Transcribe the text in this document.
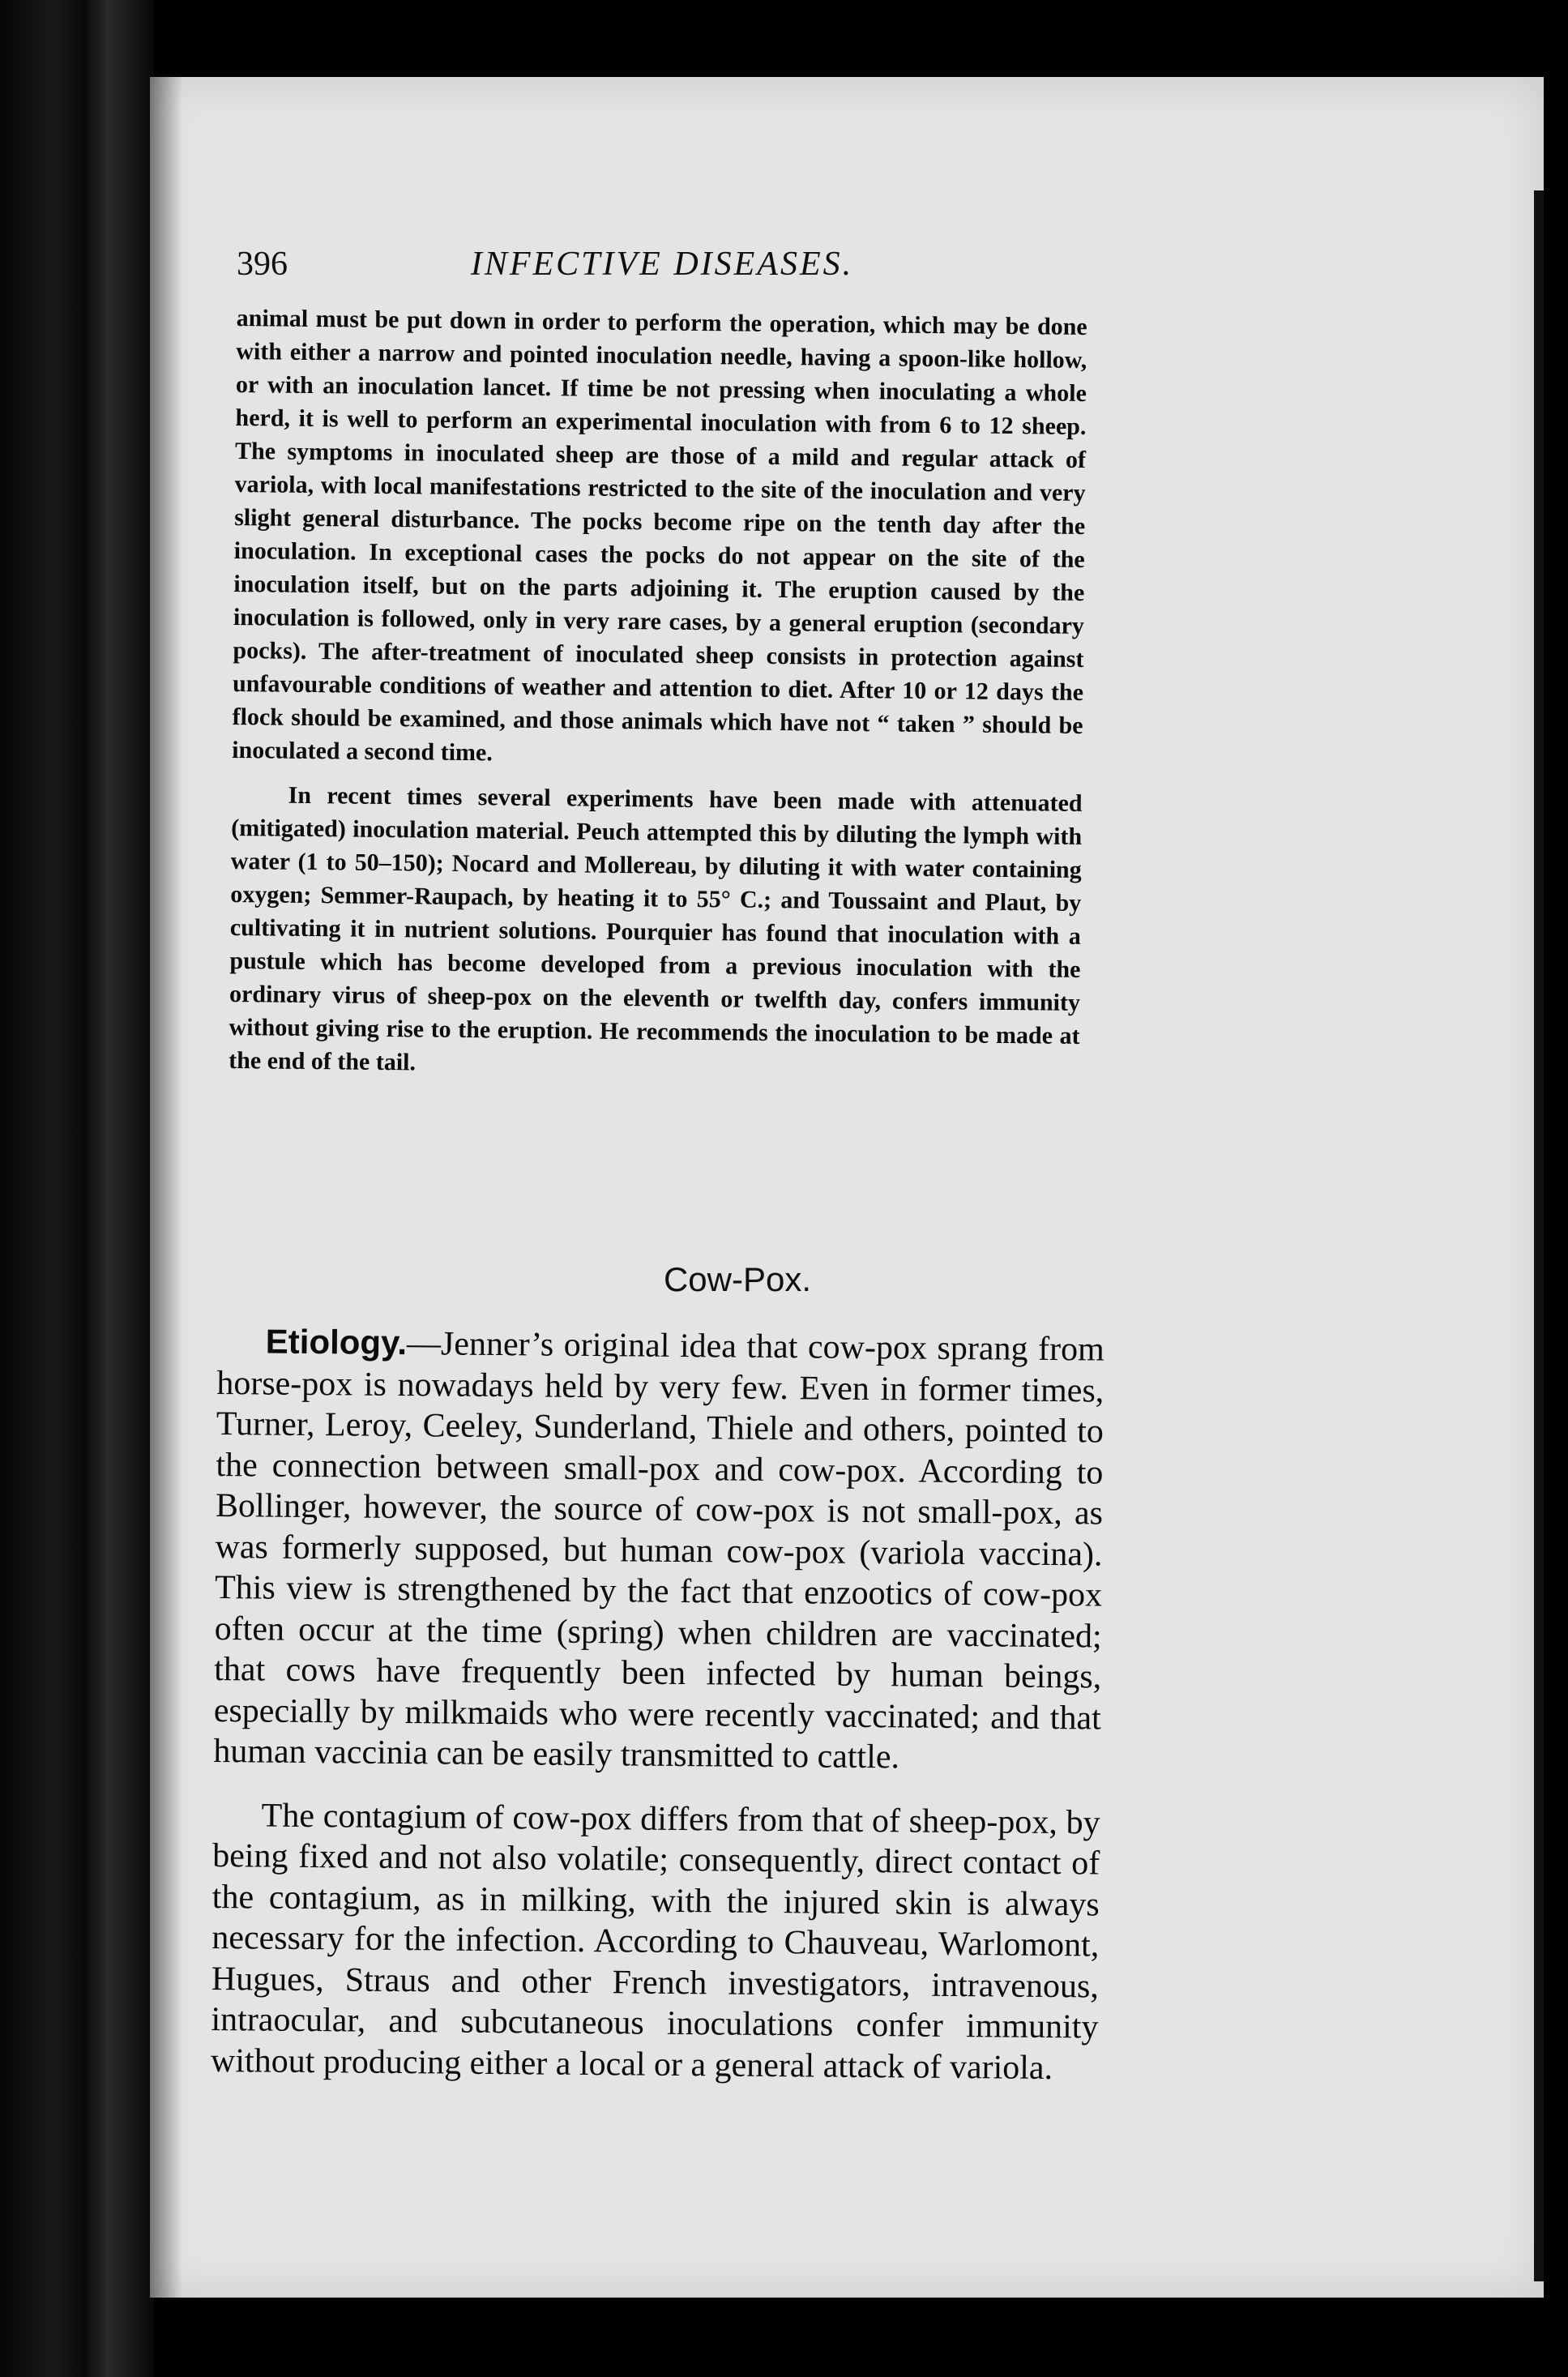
396	INFECTIVE DISEASES.

animal must be put down in order to perform the operation, which may be done with either a narrow and pointed inoculation needle, having a spoon-like hollow, or with an inoculation lancet. If time be not pressing when inoculating a whole herd, it is well to perform an experimental inoculation with from 6 to 12 sheep. The symptoms in inoculated sheep are those of a mild and regular attack of variola, with local manifestations restricted to the site of the inoculation and very slight general disturbance. The pocks become ripe on the tenth day after the inoculation. In exceptional cases the pocks do not appear on the site of the inoculation itself, but on the parts adjoining it. The eruption caused by the inoculation is followed, only in very rare cases, by a general eruption (secondary pocks). The after-treatment of inoculated sheep consists in protection against unfavourable conditions of weather and attention to diet. After 10 or 12 days the flock should be examined, and those animals which have not “ taken ” should be inoculated a second time.

In recent times several experiments have been made with attenuated (mitigated) inoculation material. Peuch attempted this by diluting the lymph with water (1 to 50–150); Nocard and Mollereau, by diluting it with water containing oxygen; Semmer-Raupach, by heating it to 55° C.; and Toussaint and Plaut, by cultivating it in nutrient solutions. Pourquier has found that inoculation with a pustule which has become developed from a previous inoculation with the ordinary virus of sheep-pox on the eleventh or twelfth day, confers immunity without giving rise to the eruption. He recommends the inoculation to be made at the end of the tail.

Cow-Pox.

Etiology.—Jenner’s original idea that cow-pox sprang from horse-pox is nowadays held by very few. Even in former times, Turner, Leroy, Ceeley, Sunderland, Thiele and others, pointed to the connection between small-pox and cow-pox. According to Bollinger, however, the source of cow-pox is not small-pox, as was formerly supposed, but human cow-pox (variola vaccina). This view is strengthened by the fact that enzootics of cow-pox often occur at the time (spring) when children are vaccinated; that cows have frequently been infected by human beings, especially by milkmaids who were recently vaccinated; and that human vaccinia can be easily transmitted to cattle.

The contagium of cow-pox differs from that of sheep-pox, by being fixed and not also volatile; consequently, direct contact of the contagium, as in milking, with the injured skin is always necessary for the infection. According to Chauveau, Warlomont, Hugues, Straus and other French investigators, intravenous, intraocular, and subcutaneous inoculations confer immunity without producing either a local or a general attack of variola.
